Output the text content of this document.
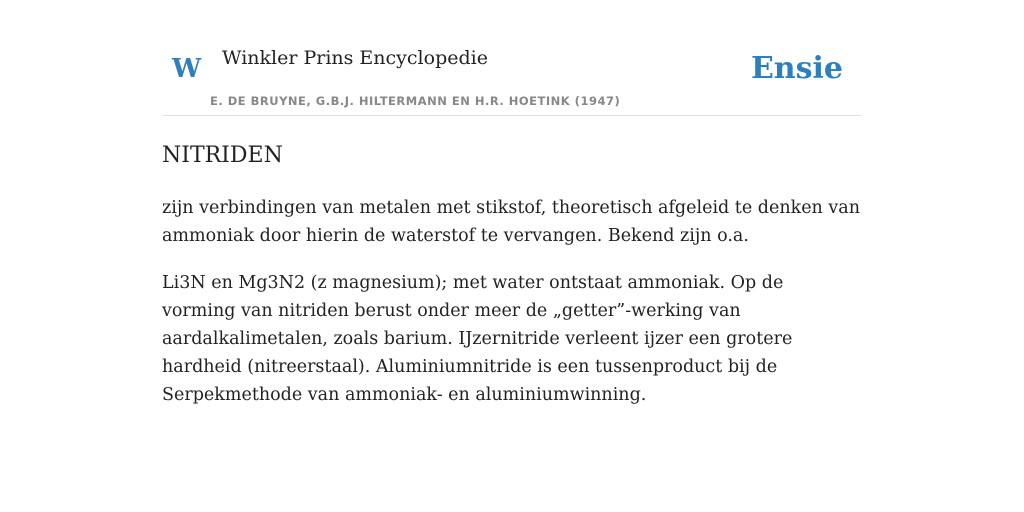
W Winkler Prins Encyclopedie
E. DE BRUYNE, G.B.J. HILTERMANN EN H.R. HOETINK (1947)
Ensie
NITRIDEN

zijn verbindingen van metalen met stikstof, theoretisch afgeleid te denken van ammoniak door hierin de waterstof te vervangen. Bekend zijn o.a.

Li3N en Mg3N2 (z magnesium); met water ontstaat ammoniak. Op de vorming van nitriden berust onder meer de „getter”-werking van aardalkalimetalen, zoals barium. IJzernitride verleent ijzer een grotere hardheid (nitreerstaal). Aluminiumnitride is een tussenproduct bij de Serpekmethode van ammoniak- en aluminiumwinning.
